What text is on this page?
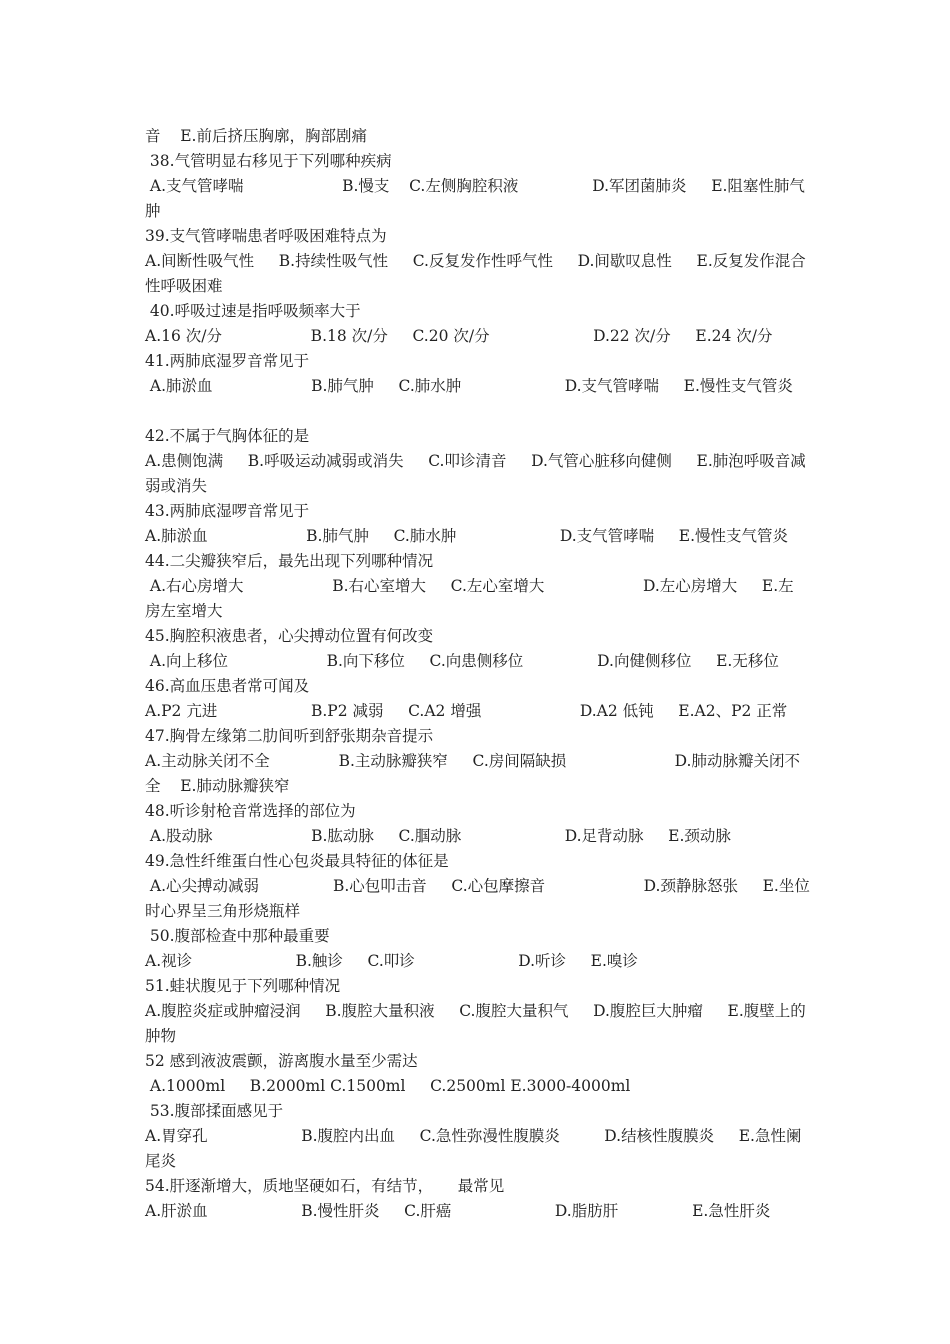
音    E.前后挤压胸廓，胸部剧痛
38.气管明显右移见于下列哪种疾病
A.支气管哮喘                    B.慢支    C.左侧胸腔积液               D.军团菌肺炎     E.阻塞性肺气
肿
39.支气管哮喘患者呼吸困难特点为
A.间断性吸气性     B.持续性吸气性     C.反复发作性呼气性     D.间歇叹息性     E.反复发作混合
性呼吸困难
40.呼吸过速是指呼吸频率大于
A.16 次/分                  B.18 次/分     C.20 次/分                     D.22 次/分     E.24 次/分
41.两肺底湿罗音常见于
A.肺淤血                    B.肺气肿     C.肺水肿                     D.支气管哮喘     E.慢性支气管炎
42.不属于气胸体征的是
A.患侧饱满     B.呼吸运动减弱或消失     C.叩诊清音     D.气管心脏移向健侧     E.肺泡呼吸音减
弱或消失
43.两肺底湿啰音常见于
A.肺淤血                    B.肺气肿     C.肺水肿                     D.支气管哮喘     E.慢性支气管炎
44.二尖瓣狭窄后，最先出现下列哪种情况
A.右心房增大                  B.右心室增大     C.左心室增大                    D.左心房增大     E.左
房左室增大
45.胸腔积液患者，心尖搏动位置有何改变
A.向上移位                    B.向下移位     C.向患侧移位               D.向健侧移位     E.无移位
46.高血压患者常可闻及
A.P2 亢进                   B.P2 减弱     C.A2 增强                    D.A2 低钝     E.A2、P2 正常
47.胸骨左缘第二肋间听到舒张期杂音提示
A.主动脉关闭不全              B.主动脉瓣狭窄     C.房间隔缺损                      D.肺动脉瓣关闭不
全    E.肺动脉瓣狭窄
48.听诊射枪音常选择的部位为
A.股动脉                    B.肱动脉     C.腘动脉                     D.足背动脉     E.颈动脉
49.急性纤维蛋白性心包炎最具特征的体征是
A.心尖搏动减弱               B.心包叩击音     C.心包摩擦音                    D.颈静脉怒张     E.坐位
时心界呈三角形烧瓶样
50.腹部检查中那种最重要
A.视诊                     B.触诊     C.叩诊                     D.听诊     E.嗅诊
51.蛙状腹见于下列哪种情况
A.腹腔炎症或肿瘤浸润     B.腹腔大量积液     C.腹腔大量积气     D.腹腔巨大肿瘤     E.腹壁上的
肿物
52 感到液波震颤，游离腹水量至少需达
A.1000ml     B.2000ml C.1500ml     C.2500ml E.3000-4000ml
53.腹部揉面感见于
A.胃穿孔                   B.腹腔内出血     C.急性弥漫性腹膜炎         D.结核性腹膜炎     E.急性阑
尾炎
54.肝逐渐增大，质地坚硬如石，有结节，     最常见
A.肝淤血                   B.慢性肝炎     C.肝癌                     D.脂肪肝               E.急性肝炎
